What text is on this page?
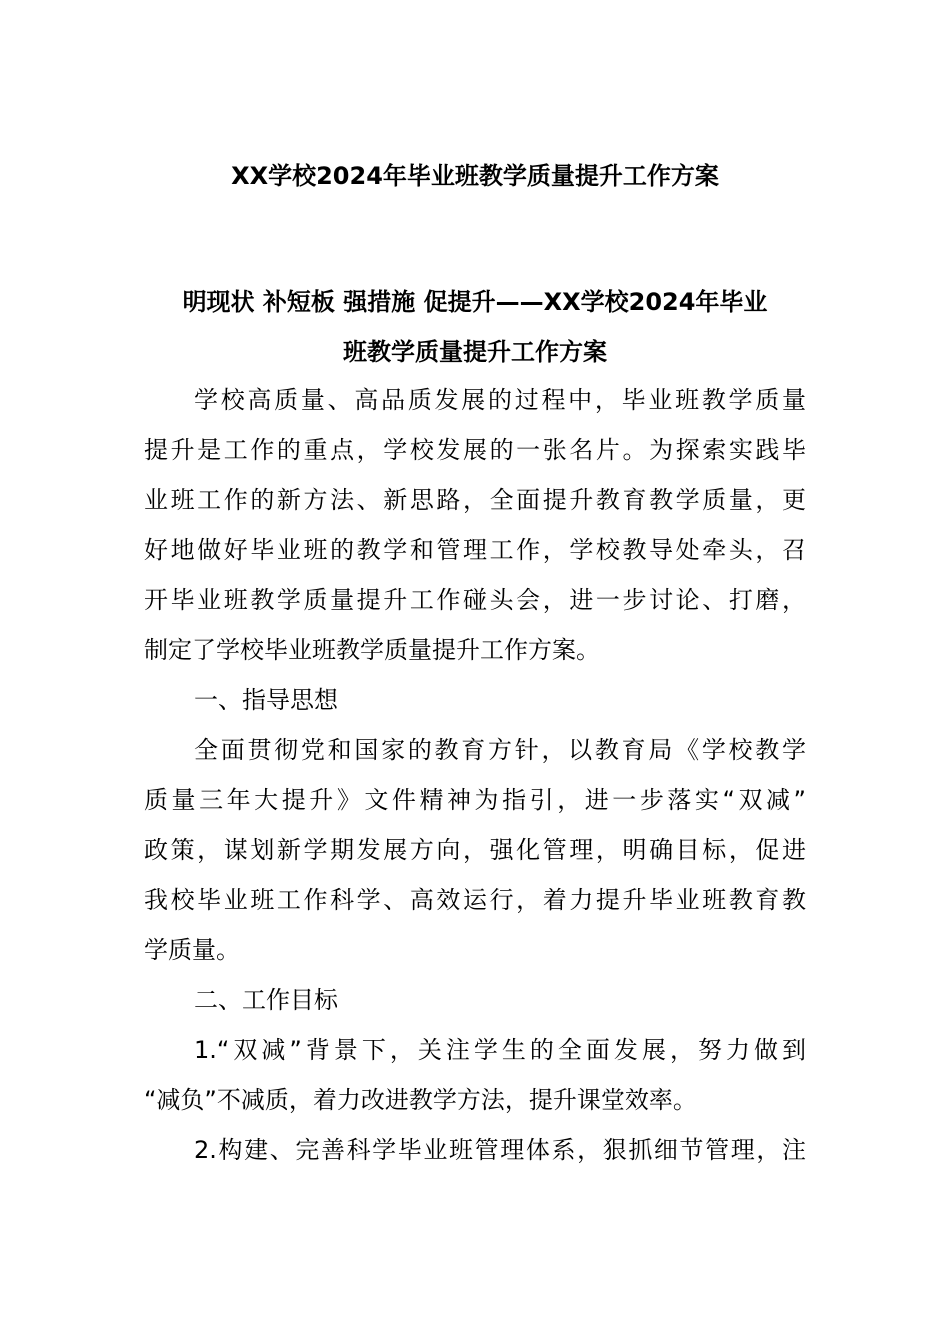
XX学校2024年毕业班教学质量提升工作方案
明现状 补短板 强措施 促提升——XX学校2024年毕业
班教学质量提升工作方案
学校高质量、高品质发展的过程中，毕业班教学质量
提升是工作的重点，学校发展的一张名片。为探索实践毕
业班工作的新方法、新思路，全面提升教育教学质量，更
好地做好毕业班的教学和管理工作，学校教导处牵头，召
开毕业班教学质量提升工作碰头会，进一步讨论、打磨，
制定了学校毕业班教学质量提升工作方案。
一、指导思想
全面贯彻党和国家的教育方针，以教育局《学校教学
质量三年大提升》文件精神为指引，进一步落实“双减”
政策，谋划新学期发展方向，强化管理，明确目标，促进
我校毕业班工作科学、高效运行，着力提升毕业班教育教
学质量。
二、工作目标
1.“双减”背景下，关注学生的全面发展，努力做到
“减负”不减质，着力改进教学方法，提升课堂效率。
2.构建、完善科学毕业班管理体系，狠抓细节管理，注
